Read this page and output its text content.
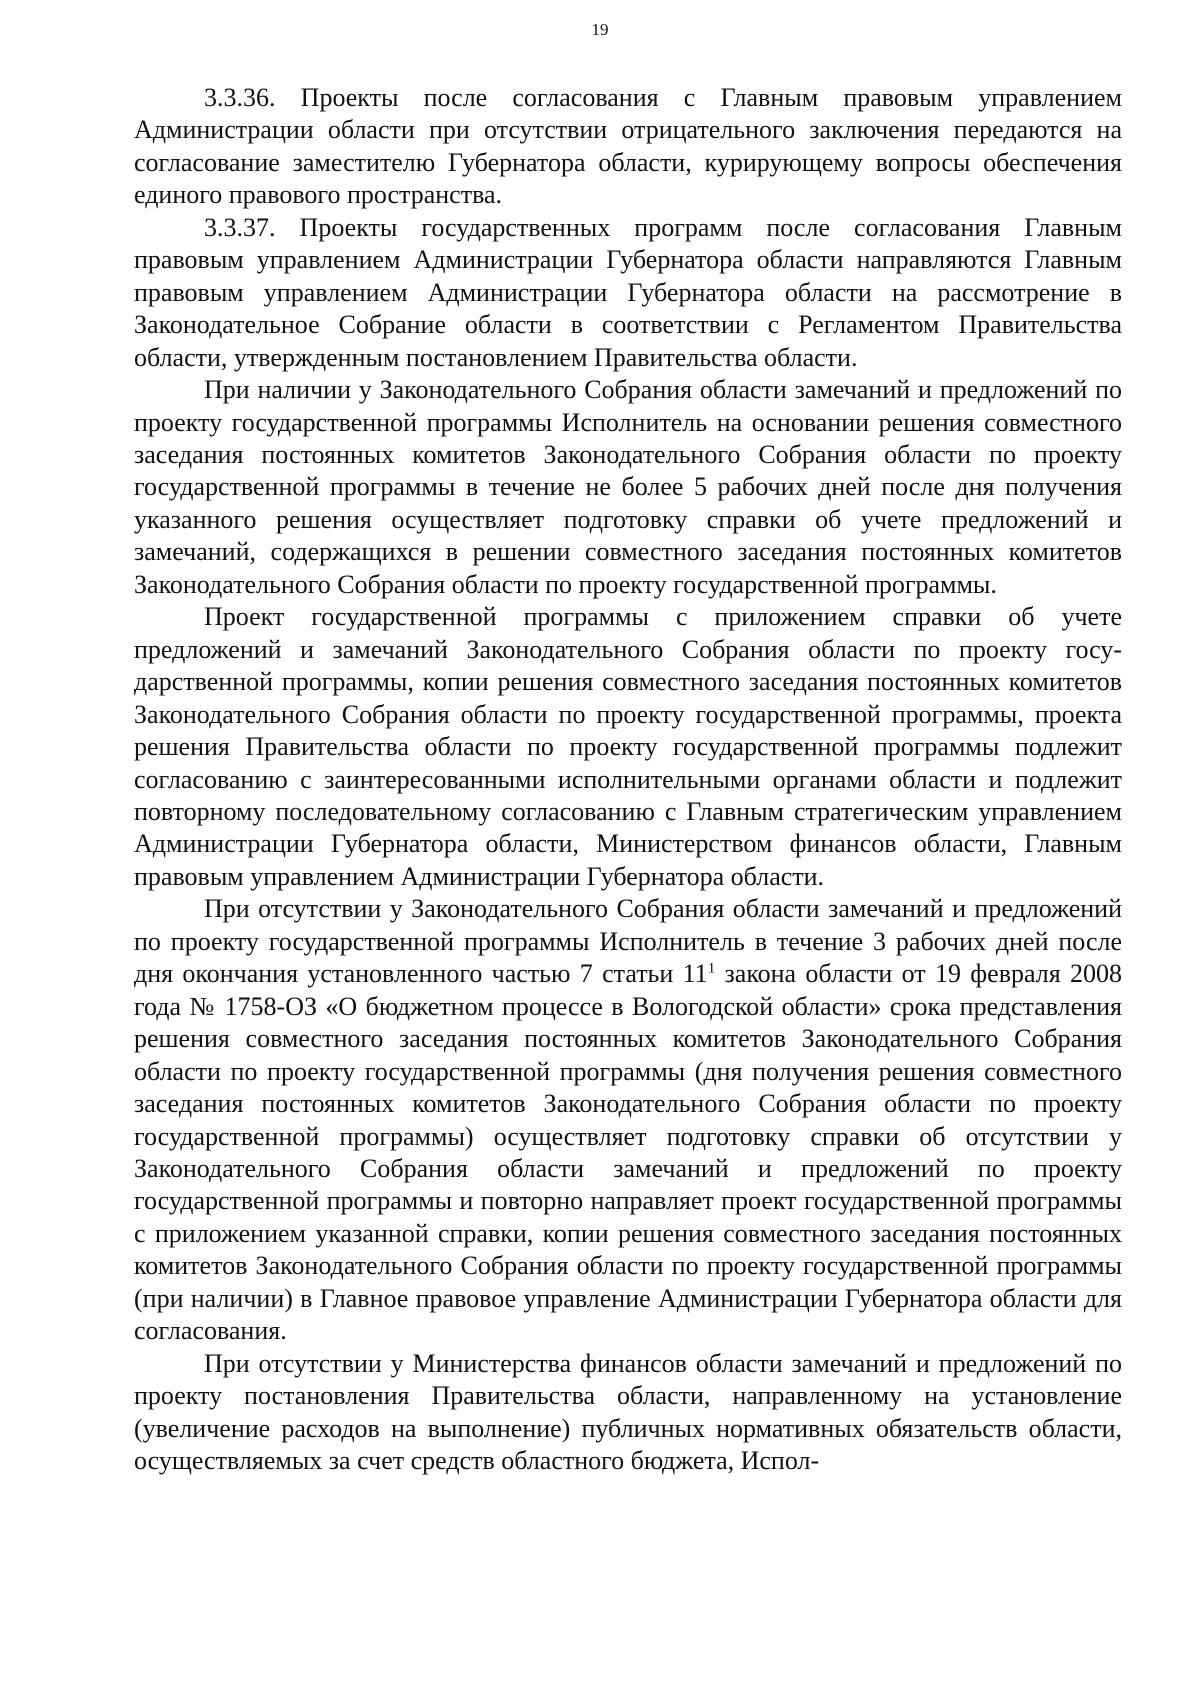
19

3.3.36. Проекты после согласования с Главным правовым управлением Администрации области при отсутствии отрицательного заключения передаются на согласование заместителю Губернатора области, курирующему вопросы обеспечения единого правового пространства.

3.3.37. Проекты государственных программ после согласования Главным правовым управлением Администрации Губернатора области направляются Главным правовым управлением Администрации Губернатора области на рассмотрение в Законодательное Собрание области в соответствии с Регламентом Правительства области, утвержденным постановлением Правительства области.

При наличии у Законодательного Собрания области замечаний и предложений по проекту государственной программы Исполнитель на основании решения совместного заседания постоянных комитетов Законодательного Собрания области по проекту государственной программы в течение не более 5 рабочих дней после дня получения указанного решения осуществляет подготовку справки об учете предложений и замечаний, содержащихся в решении совместного заседания постоянных комитетов Законодательного Собрания области по проекту государственной программы.

Проект государственной программы с приложением справки об учете предложений и замечаний Законодательного Собрания области по проекту государственной программы, копии решения совместного заседания постоянных комитетов Законодательного Собрания области по проекту государственной программы, проекта решения Правительства области по проекту государственной программы подлежит согласованию с заинтересованными исполнительными органами области и подлежит повторному последовательному согласованию с Главным стратегическим управлением Администрации Губернатора области, Министерством финансов области, Главным правовым управлением Администрации Губернатора области.

При отсутствии у Законодательного Собрания области замечаний и предложений по проекту государственной программы Исполнитель в течение 3 рабочих дней после дня окончания установленного частью 7 статьи 11$^1$ закона области от 19 февраля 2008 года № 1758-ОЗ «О бюджетном процессе в Вологодской области» срока представления решения совместного заседания постоянных комитетов Законодательного Собрания области по проекту государственной программы (дня получения решения совместного заседания постоянных комитетов Законодательного Собрания области по проекту государственной программы) осуществляет подготовку справки об отсутствии у Законодательного Собрания области замечаний и предложений по проекту государственной программы и повторно направляет проект государственной программы с приложением указанной справки, копии решения совместного заседания постоянных комитетов Законодательного Собрания области по проекту государственной программы (при наличии) в Главное правовое управление Администрации Губернатора области для согласования.

При отсутствии у Министерства финансов области замечаний и предложений по проекту постановления Правительства области, направленному на установление (увеличение расходов на выполнение) публичных нормативных обязательств области, осуществляемых за счет средств областного бюджета, Испол-
